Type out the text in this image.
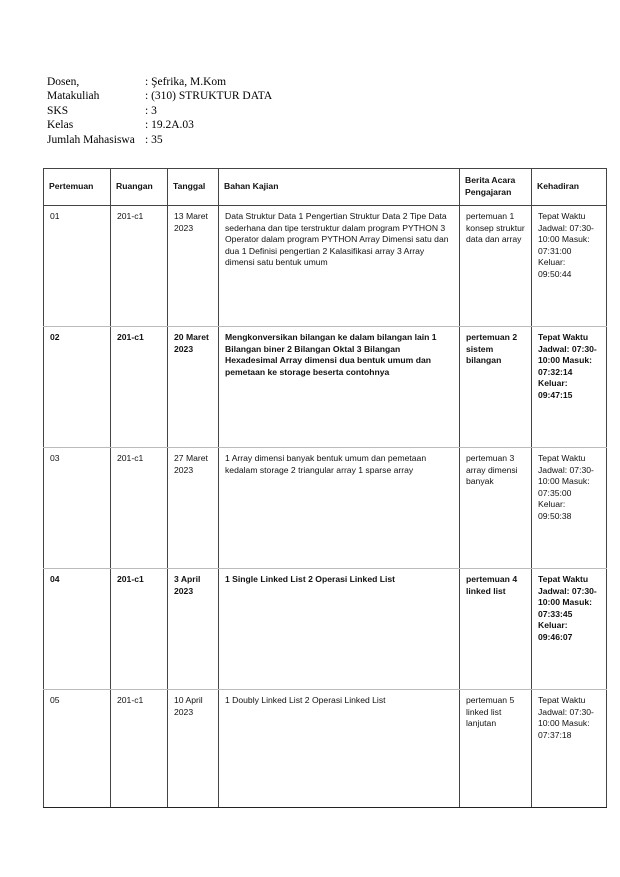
Dosen,	: Şefrika, M.Kom
Matakuliah	: (310) STRUKTUR DATA
SKS	: 3
Kelas	: 19.2A.03
Jumlah Mahasiswa : 35
Pertemuan	Ruangan	Tanggal	Bahan Kajian	Berita Acara Pengajaran	Kehadiran
01	201-c1	13 Maret 2023	Data Struktur Data 1 Pengertian Struktur Data 2 Tipe Data sederhana dan tipe terstruktur dalam program PYTHON 3 Operator dalam program PYTHON Array Dimensi satu dan dua 1 Definisi pengertian 2 Kalasifikasi array 3 Array dimensi satu bentuk umum	pertemuan 1 konsep struktur data dan array	Tepat Waktu Jadwal: 07:30-10:00 Masuk: 07:31:00 Keluar: 09:50:44
02	201-c1	20 Maret 2023	Mengkonversikan bilangan ke dalam bilangan lain 1 Bilangan biner 2 Bilangan Oktal 3 Bilangan Hexadesimal Array dimensi dua bentuk umum dan pemetaan ke storage beserta contohnya	pertemuan 2 sistem bilangan	Tepat Waktu Jadwal: 07:30-10:00 Masuk: 07:32:14 Keluar: 09:47:15
03	201-c1	27 Maret 2023	1 Array dimensi banyak bentuk umum dan pemetaan kedalam storage 2 triangular array 1 sparse array	pertemuan 3 array dimensi banyak	Tepat Waktu Jadwal: 07:30-10:00 Masuk: 07:35:00 Keluar: 09:50:38
04	201-c1	3 April 2023	1 Single Linked List 2 Operasi Linked List	pertemuan 4 linked list	Tepat Waktu Jadwal: 07:30-10:00 Masuk: 07:33:45 Keluar: 09:46:07
05	201-c1	10 April 2023	1 Doubly Linked List 2 Operasi Linked List	pertemuan 5 linked list lanjutan	Tepat Waktu Jadwal: 07:30-10:00 Masuk: 07:37:18
